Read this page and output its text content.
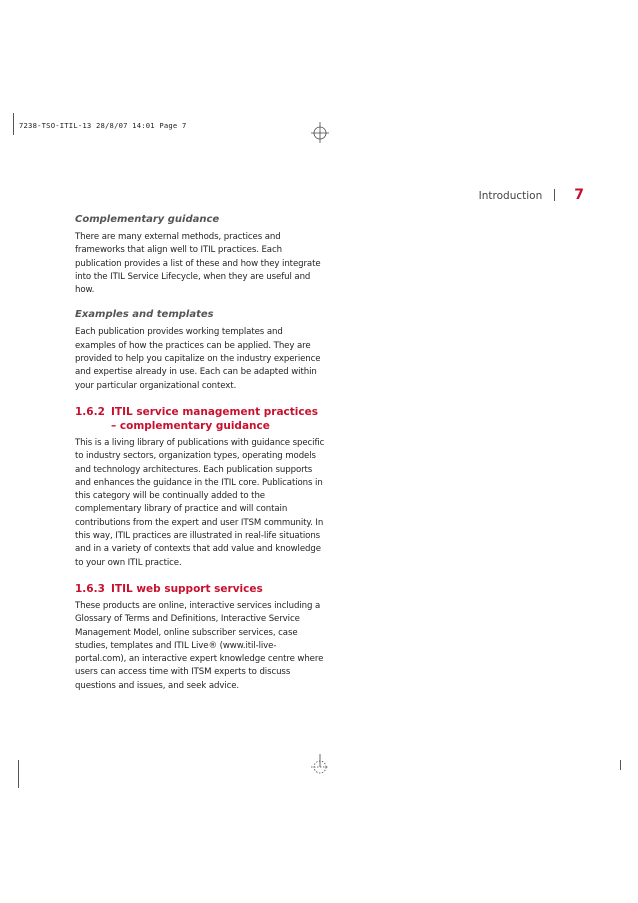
7238-TSO-ITIL-13 28/8/07 14:01 Page 7
Introduction 7
Complementary guidance

There are many external methods, practices and frameworks that align well to ITIL practices. Each publication provides a list of these and how they integrate into the ITIL Service Lifecycle, when they are useful and how.

Examples and templates

Each publication provides working templates and examples of how the practices can be applied. They are provided to help you capitalize on the industry experience and expertise already in use. Each can be adapted within your particular organizational context.

1.6.2 ITIL service management practices – complementary guidance

This is a living library of publications with guidance specific to industry sectors, organization types, operating models and technology architectures. Each publication supports and enhances the guidance in the ITIL core. Publications in this category will be continually added to the complementary library of practice and will contain contributions from the expert and user ITSM community. In this way, ITIL practices are illustrated in real-life situations and in a variety of contexts that add value and knowledge to your own ITIL practice.

1.6.3 ITIL web support services

These products are online, interactive services including a Glossary of Terms and Definitions, Interactive Service Management Model, online subscriber services, case studies, templates and ITIL Live® (www.itil-live-portal.com), an interactive expert knowledge centre where users can access time with ITSM experts to discuss questions and issues, and seek advice.
